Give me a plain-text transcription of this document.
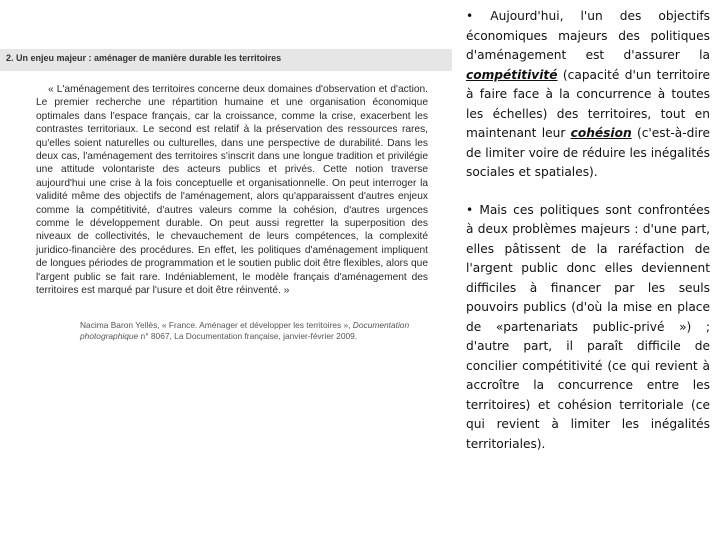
2. Un enjeu majeur : aménager de manière durable les territoires
« L'aménagement des territoires concerne deux domaines d'observation et d'action. Le premier recherche une répartition humaine et une organisation économique optimales dans l'espace français, car la croissance, comme la crise, exacerbent les contrastes territoriaux. Le second est relatif à la préservation des ressources rares, qu'elles soient naturelles ou culturelles, dans une perspective de durabilité. Dans les deux cas, l'aménagement des territoires s'inscrit dans une longue tradition et privilégie une attitude volontariste des acteurs publics et privés. Cette notion traverse aujourd'hui une crise à la fois conceptuelle et organisationnelle. On peut interroger la validité même des objectifs de l'aménagement, alors qu'apparaissent d'autres enjeux comme la compétitivité, d'autres valeurs comme la cohésion, d'autres urgences comme le développement durable. On peut aussi regretter la superposition des niveaux de collectivités, le chevauchement de leurs compétences, la complexité juridico-financière des procédures. En effet, les politiques d'aménagement impliquent de longues périodes de programmation et le soutien public doit être flexibles, alors que l'argent public se fait rare. Indéniablement, le modèle français d'aménagement des territoires est marqué par l'usure et doit être réinventé. »
Nacima Baron Yellès, « France. Aménager et développer les territoires », Documentation photographique n° 8067, La Documentation française, janvier-février 2009.

• Aujourd'hui, l'un des objectifs économiques majeurs des politiques d'aménagement est d'assurer la compétitivité (capacité d'un territoire à faire face à la concurrence à toutes les échelles) des territoires, tout en maintenant leur cohésion (c'est-à-dire de limiter voire de réduire les inégalités sociales et spatiales).

• Mais ces politiques sont confrontées à deux problèmes majeurs : d'une part, elles pâtissent de la raréfaction de l'argent public donc elles deviennent difficiles à financer par les seuls pouvoirs publics (d'où la mise en place de «partenariats public-privé ») ; d'autre part, il paraît difficile de concilier compétitivité (ce qui revient à accroître la concurrence entre les territoires) et cohésion territoriale (ce qui revient à limiter les inégalités territoriales).
